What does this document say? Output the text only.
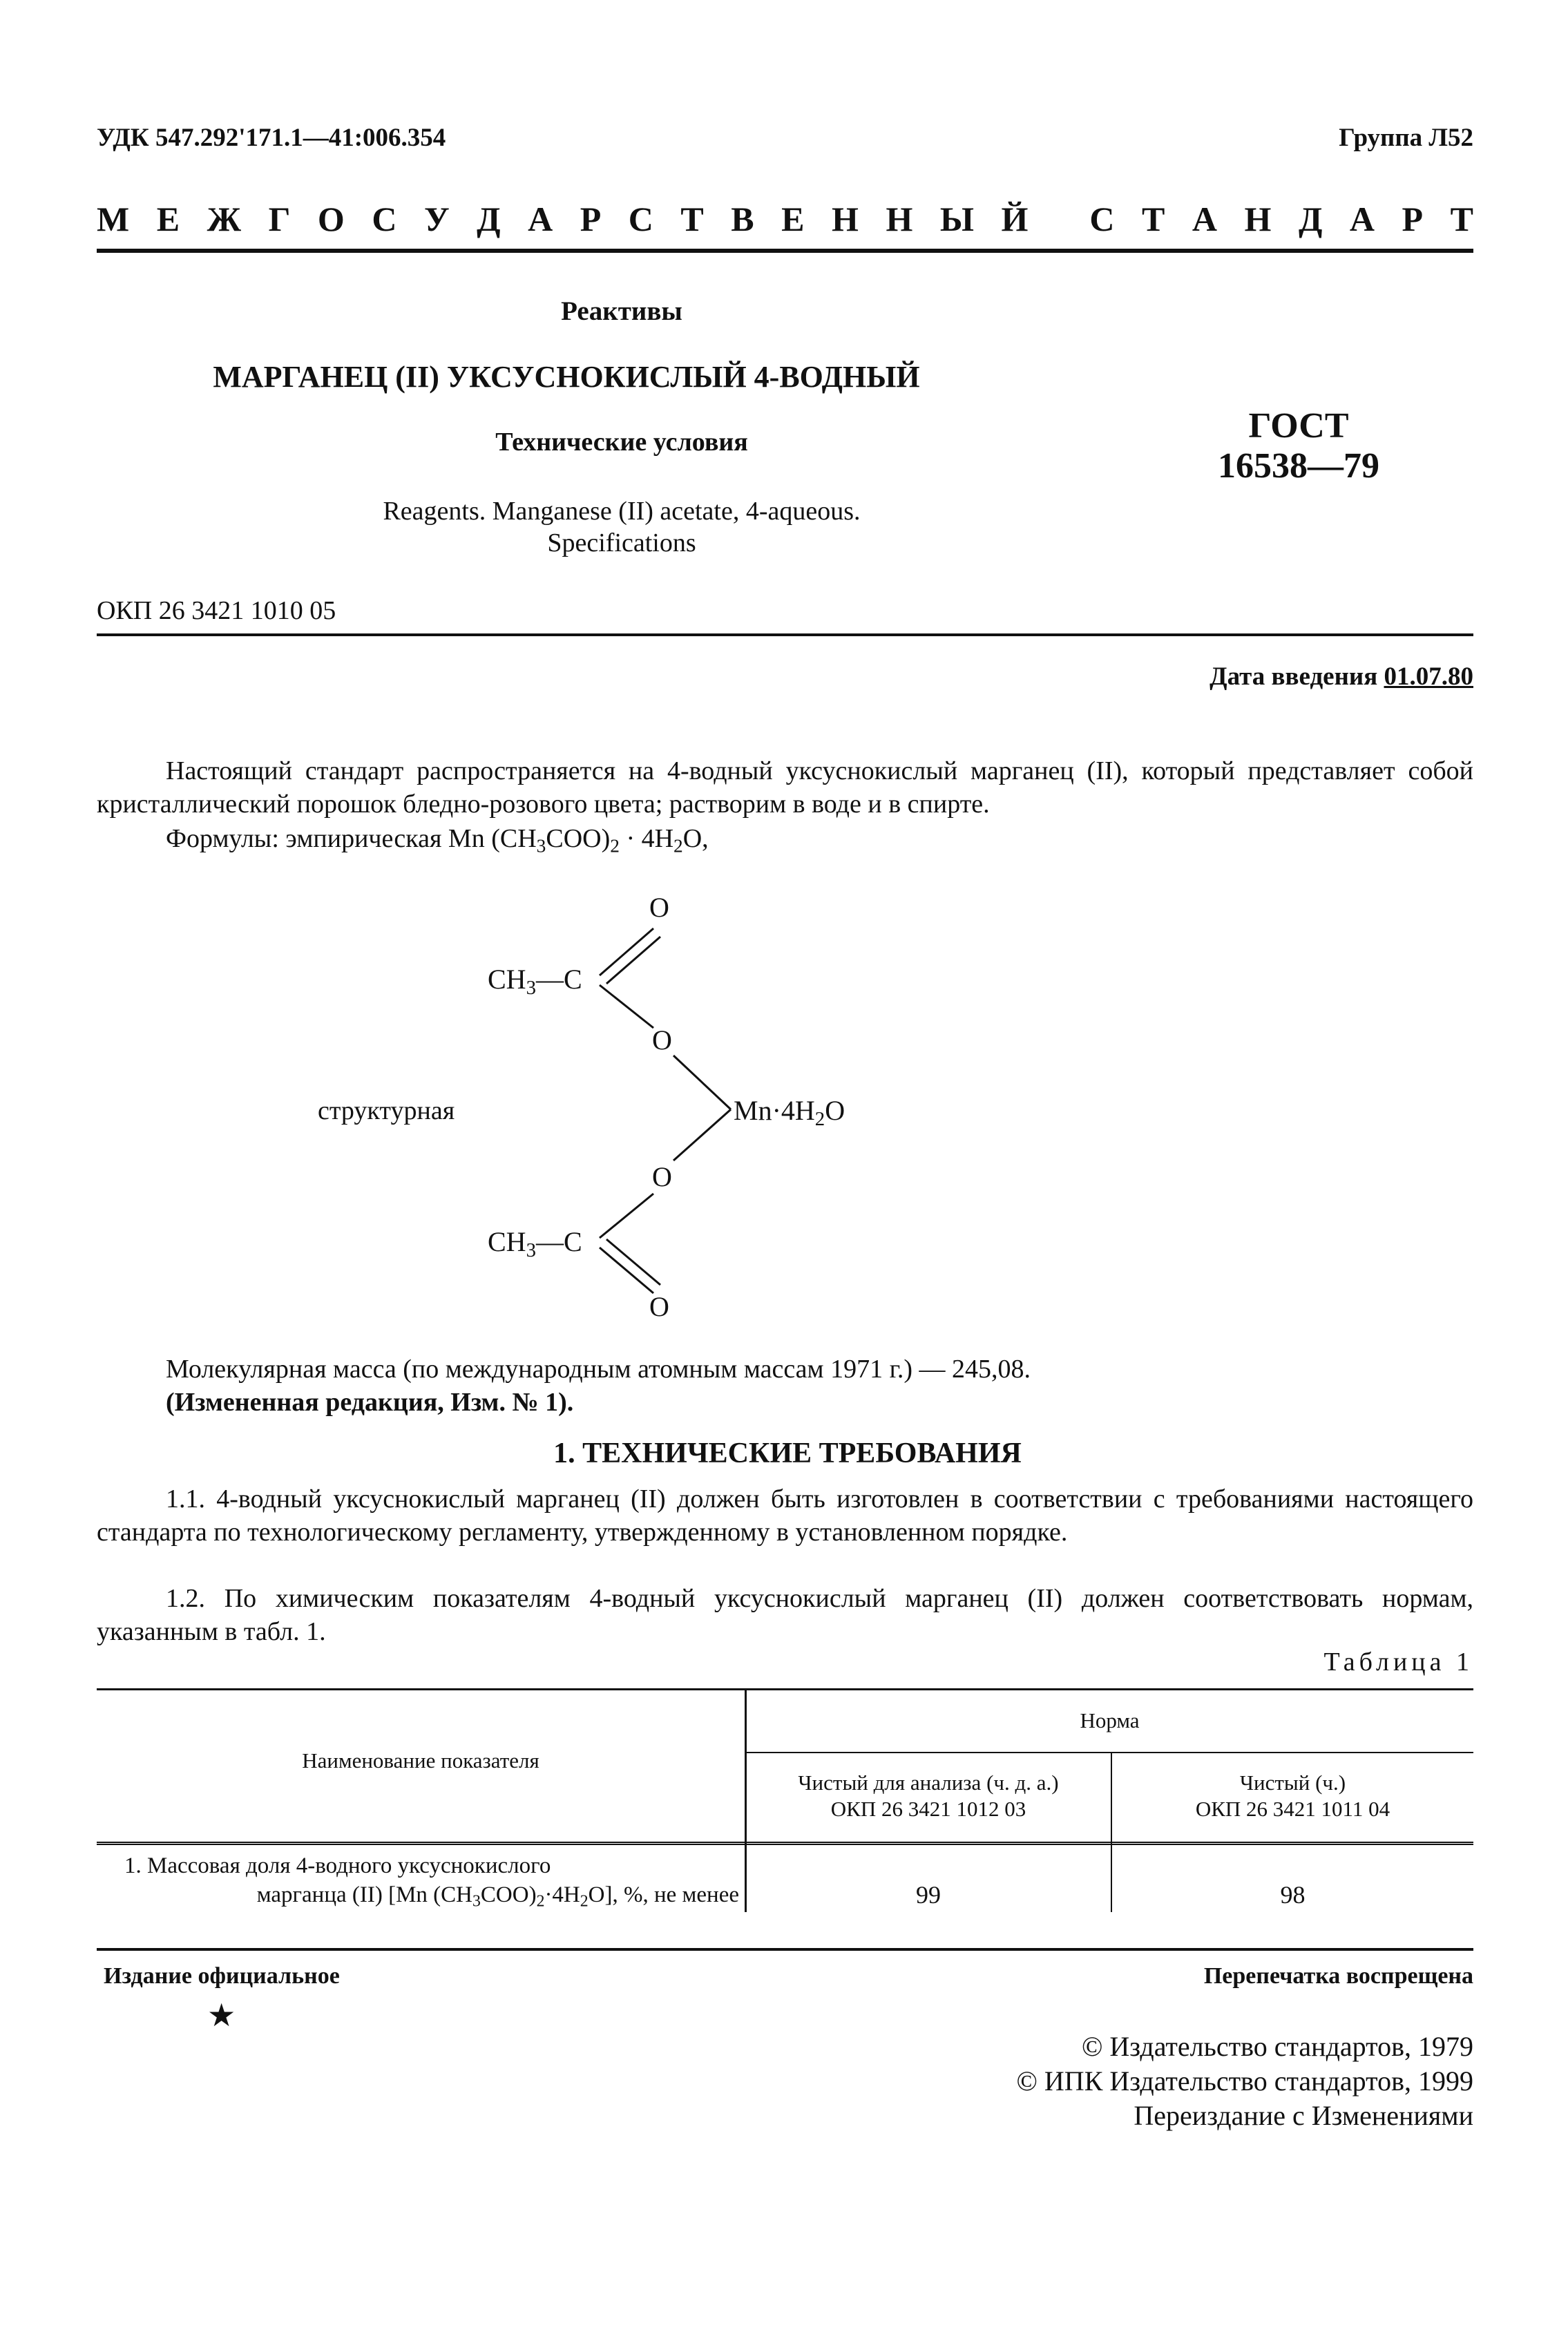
УДК 547.292'171.1—41:006.354	Группа Л52
М Е Ж Г О С У Д А Р С Т В Е Н Н Ы Й С Т А Н Д А Р Т
Реактивы
МАРГАНЕЦ (II) УКСУСНОКИСЛЫЙ 4-ВОДНЫЙ
Технические условия
Reagents. Manganese (II) acetate, 4-aqueous.
Specifications
ГОСТ
16538—79
ОКП 26 3421 1010 05
Дата введения 01.07.80
Настоящий стандарт распространяется на 4-водный уксуснокислый марганец (II), который представляет собой кристаллический порошок бледно-розового цвета; растворим в воде и в спирте.
Формулы: эмпирическая Mn $(CH_3COO)_2 \cdot 4H_2O$,
O
$CH_3—C$
O
структурная	$Mn\cdot 4H_2O$
O
$CH_3—C$
O
Молекулярная масса (по международным атомным массам 1971 г.) — 245,08.
(Измененная редакция, Изм. № 1).
1. ТЕХНИЧЕСКИЕ ТРЕБОВАНИЯ
1.1. 4-водный уксуснокислый марганец (II) должен быть изготовлен в соответствии с требованиями настоящего стандарта по технологическому регламенту, утвержденному в установленном порядке.
1.2. По химическим показателям 4-водный уксуснокислый марганец (II) должен соответствовать нормам, указанным в табл. 1.
Таблица 1
Наименование показателя
Норма
Чистый для анализа (ч. д. а.)
ОКП 26 3421 1012 03
Чистый (ч.)
ОКП 26 3421 1011 04
1. Массовая доля 4-водного уксуснокислого
марганца (II) [Mn $(CH_3COO)_2\cdot 4H_2O$], %, не менее	99	98
Издание официальное	Перепечатка воспрещена
★
© Издательство стандартов, 1979
© ИПК Издательство стандартов, 1999
Переиздание с Изменениями
